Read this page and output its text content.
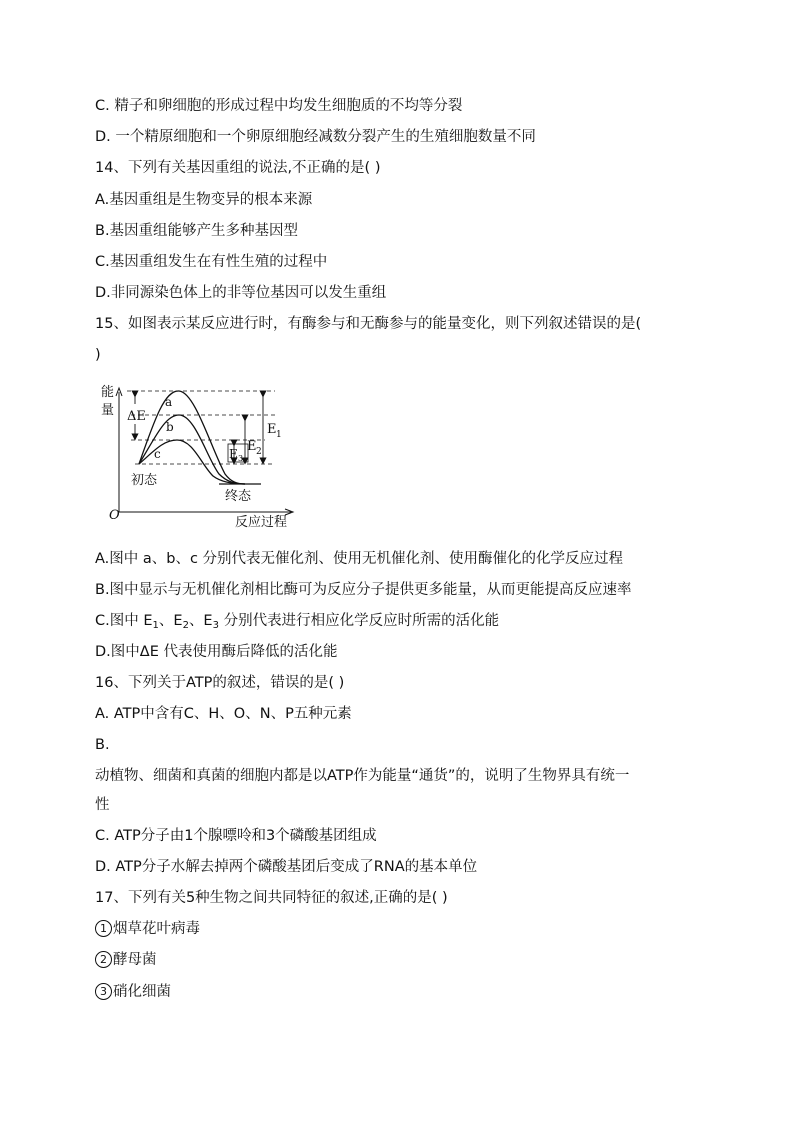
C. 精子和卵细胞的形成过程中均发生细胞质的不均等分裂
D. 一个精原细胞和一个卵原细胞经减数分裂产生的生殖细胞数量不同
14、下列有关基因重组的说法,不正确的是( )
A.基因重组是生物变异的根本来源
B.基因重组能够产生多种基因型
C.基因重组发生在有性生殖的过程中
D.非同源染色体上的非等位基因可以发生重组
15、如图表示某反应进行时，有酶参与和无酶参与的能量变化，则下列叙述错误的是(
)
能
量 ΔE
a
b
c
E 1
E 2
E 3
初态
终态
O	反应过程
A.图中 a、b、c 分别代表无催化剂、使用无机催化剂、使用酶催化的化学反应过程
B.图中显示与无机催化剂相比酶可为反应分子提供更多能量，从而更能提高反应速率
C.图中 $E_1$、$E_2$、$E_3$ 分别代表进行相应化学反应时所需的活化能
D.图中ΔE 代表使用酶后降低的活化能
16、下列关于ATP的叙述，错误的是( )
A. ATP中含有C、H、O、N、P五种元素
B.
动植物、细菌和真菌的细胞内都是以ATP作为能量“通货”的，说明了生物界具有统一
性
C. ATP分子由1个腺嘌呤和3个磷酸基团组成
D. ATP分子水解去掉两个磷酸基团后变成了RNA的基本单位
17、下列有关5种生物之间共同特征的叙述,正确的是( )
1 烟草花叶病毒
2 酵母菌
3 硝化细菌
